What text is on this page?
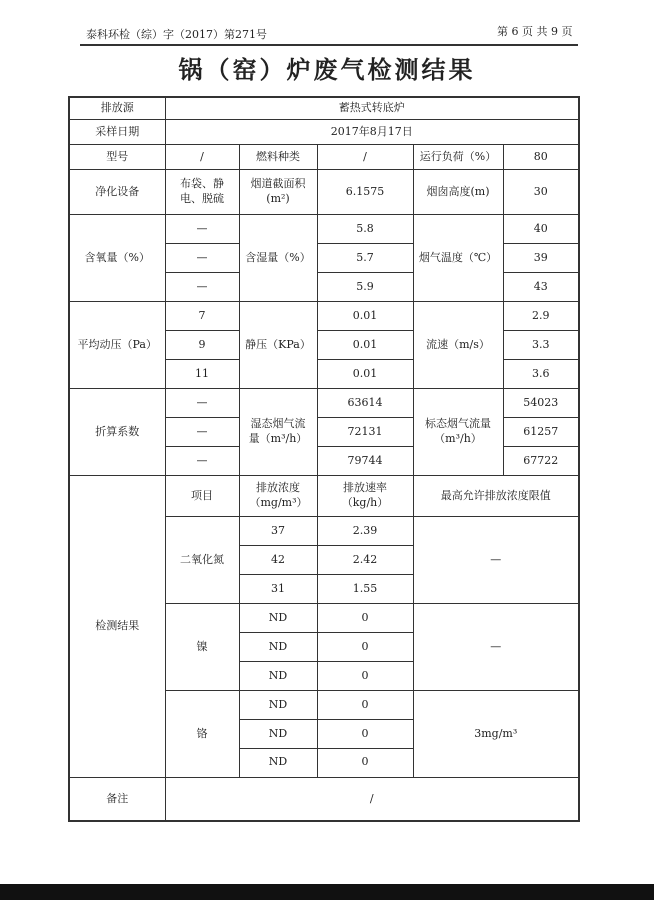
泰科环检（综）字（2017）第271号	第 6 页 共 9 页
锅（窑）炉废气检测结果
排放源	蓄热式转底炉				
采样日期	2017年8月17日				
型号	/	燃料种类	/	运行负荷（%）	80
净化设备	布袋、静电、脱硫	烟道截面积(m²)	6.1575	烟囱高度(m)	30
含氧量（%）	—	含湿量（%）	5.8	烟气温度（℃）	40
	—		5.7		39
	—		5.9		43
平均动压（Pa）	7	静压（KPa）	0.01	流速（m/s）	2.9
	9		0.01		3.3
	11		0.01		3.6
折算系数	—	湿态烟气流量（m³/h）	63614	标态烟气流量（m³/h）	54023
	—		72131		61257
	—		79744		67722
检测结果	项目	排放浓度（mg/m³）	排放速率（kg/h）	最高允许排放浓度限值	
	二氧化氮	37	2.39	—	
		42	2.42		
		31	1.55		
	镍	ND	0	—	
		ND	0		
		ND	0		
	铬	ND	0	3mg/m³	
		ND	0		
		ND	0		
备注	/				
